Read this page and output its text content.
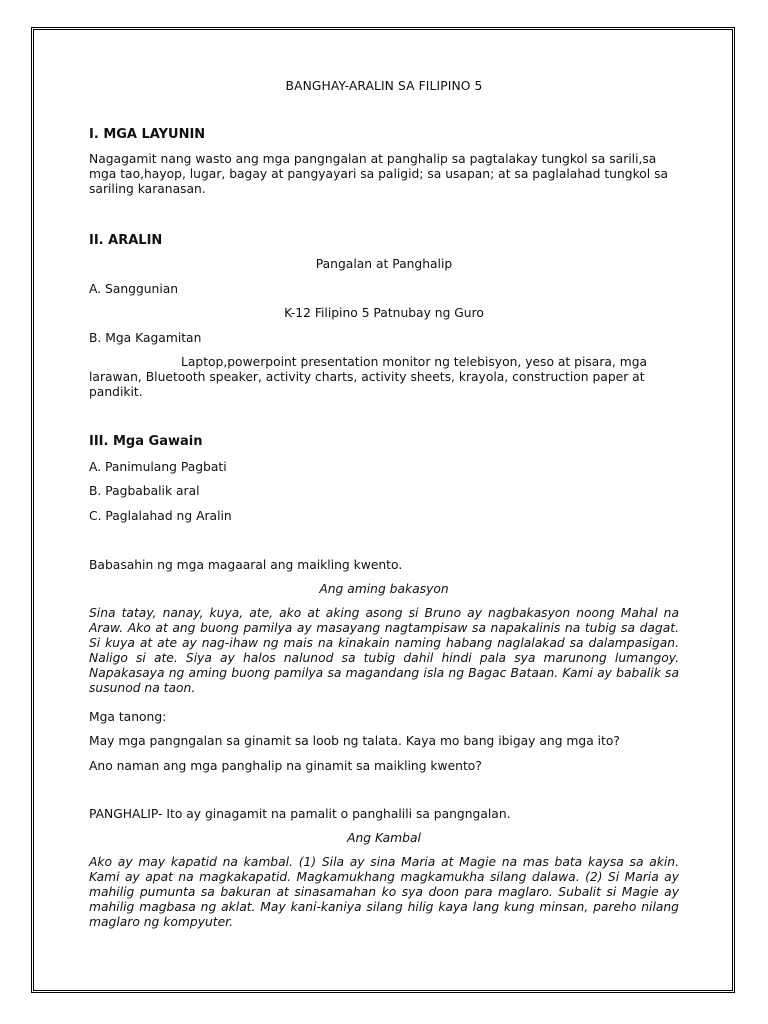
BANGHAY-ARALIN SA FILIPINO 5

I. MGA LAYUNIN

Nagagamit nang wasto ang mga pangngalan at panghalip sa pagtalakay tungkol sa sarili,sa mga tao,hayop, lugar, bagay at pangyayari sa paligid; sa usapan; at sa paglalahad tungkol sa sariling karanasan.

II. ARALIN

Pangalan at Panghalip

A. Sanggunian

K-12 Filipino 5 Patnubay ng Guro

B. Mga Kagamitan

Laptop,powerpoint presentation monitor ng telebisyon, yeso at pisara, mga larawan, Bluetooth speaker, activity charts, activity sheets, krayola, construction paper at pandikit.

III. Mga Gawain

A. Panimulang Pagbati

B. Pagbabalik aral

C. Paglalahad ng Aralin

Babasahin ng mga magaaral ang maikling kwento.

Ang aming bakasyon

Sina tatay, nanay, kuya, ate, ako at aking asong si Bruno ay nagbakasyon noong Mahal na Araw. Ako at ang buong pamilya ay masayang nagtampisaw sa napakalinis na tubig sa dagat. Si kuya at ate ay nag-ihaw ng mais na kinakain naming habang naglalakad sa dalampasigan. Naligo si ate. Siya ay halos nalunod sa tubig dahil hindi pala sya marunong lumangoy. Napakasaya ng aming buong pamilya sa magandang isla ng Bagac Bataan. Kami ay babalik sa susunod na taon.

Mga tanong:

May mga pangngalan sa ginamit sa loob ng talata. Kaya mo bang ibigay ang mga ito?

Ano naman ang mga panghalip na ginamit sa maikling kwento?

PANGHALIP- Ito ay ginagamit na pamalit o panghalili sa pangngalan.

Ang Kambal

Ako ay may kapatid na kambal. (1) Sila ay sina Maria at Magie na mas bata kaysa sa akin. Kami ay apat na magkakapatid. Magkamukhang magkamukha silang dalawa. (2) Si Maria ay mahilig pumunta sa bakuran at sinasamahan ko sya doon para maglaro. Subalit si Magie ay mahilig magbasa ng aklat. May kani-kaniya silang hilig kaya lang kung minsan, pareho nilang maglaro ng kompyuter.
